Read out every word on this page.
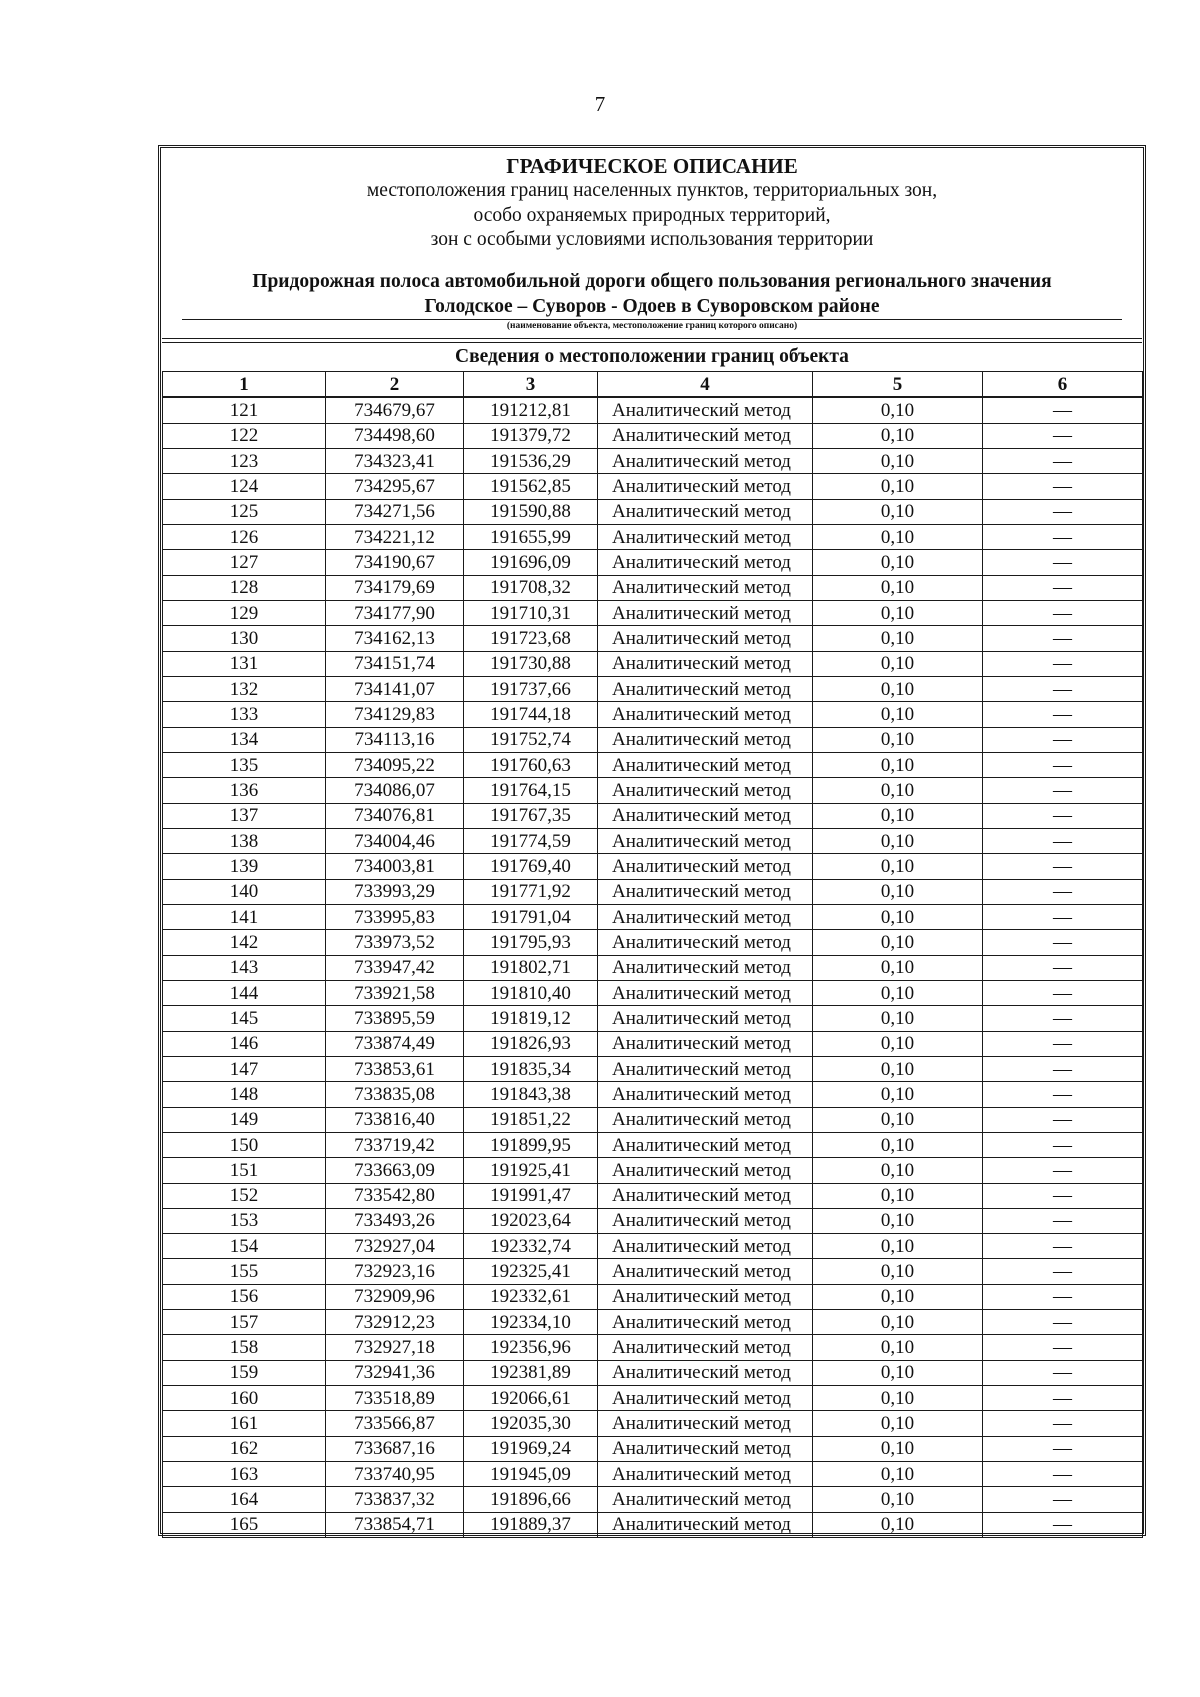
7
ГРАФИЧЕСКОЕ ОПИСАНИЕ
местоположения границ населенных пунктов, территориальных зон,
особо охраняемых природных территорий,
зон с особыми условиями использования территории
Придорожная полоса автомобильной дороги общего пользования регионального значения
Голодское – Суворов - Одоев в Суворовском районе
(наименование объекта, местоположение границ которого описано)
Сведения о местоположении границ объекта
1	2	3	4	5	6
121	734679,67	191212,81	Аналитический метод	0,10	—
122	734498,60	191379,72	Аналитический метод	0,10	—
123	734323,41	191536,29	Аналитический метод	0,10	—
124	734295,67	191562,85	Аналитический метод	0,10	—
125	734271,56	191590,88	Аналитический метод	0,10	—
126	734221,12	191655,99	Аналитический метод	0,10	—
127	734190,67	191696,09	Аналитический метод	0,10	—
128	734179,69	191708,32	Аналитический метод	0,10	—
129	734177,90	191710,31	Аналитический метод	0,10	—
130	734162,13	191723,68	Аналитический метод	0,10	—
131	734151,74	191730,88	Аналитический метод	0,10	—
132	734141,07	191737,66	Аналитический метод	0,10	—
133	734129,83	191744,18	Аналитический метод	0,10	—
134	734113,16	191752,74	Аналитический метод	0,10	—
135	734095,22	191760,63	Аналитический метод	0,10	—
136	734086,07	191764,15	Аналитический метод	0,10	—
137	734076,81	191767,35	Аналитический метод	0,10	—
138	734004,46	191774,59	Аналитический метод	0,10	—
139	734003,81	191769,40	Аналитический метод	0,10	—
140	733993,29	191771,92	Аналитический метод	0,10	—
141	733995,83	191791,04	Аналитический метод	0,10	—
142	733973,52	191795,93	Аналитический метод	0,10	—
143	733947,42	191802,71	Аналитический метод	0,10	—
144	733921,58	191810,40	Аналитический метод	0,10	—
145	733895,59	191819,12	Аналитический метод	0,10	—
146	733874,49	191826,93	Аналитический метод	0,10	—
147	733853,61	191835,34	Аналитический метод	0,10	—
148	733835,08	191843,38	Аналитический метод	0,10	—
149	733816,40	191851,22	Аналитический метод	0,10	—
150	733719,42	191899,95	Аналитический метод	0,10	—
151	733663,09	191925,41	Аналитический метод	0,10	—
152	733542,80	191991,47	Аналитический метод	0,10	—
153	733493,26	192023,64	Аналитический метод	0,10	—
154	732927,04	192332,74	Аналитический метод	0,10	—
155	732923,16	192325,41	Аналитический метод	0,10	—
156	732909,96	192332,61	Аналитический метод	0,10	—
157	732912,23	192334,10	Аналитический метод	0,10	—
158	732927,18	192356,96	Аналитический метод	0,10	—
159	732941,36	192381,89	Аналитический метод	0,10	—
160	733518,89	192066,61	Аналитический метод	0,10	—
161	733566,87	192035,30	Аналитический метод	0,10	—
162	733687,16	191969,24	Аналитический метод	0,10	—
163	733740,95	191945,09	Аналитический метод	0,10	—
164	733837,32	191896,66	Аналитический метод	0,10	—
165	733854,71	191889,37	Аналитический метод	0,10	—
